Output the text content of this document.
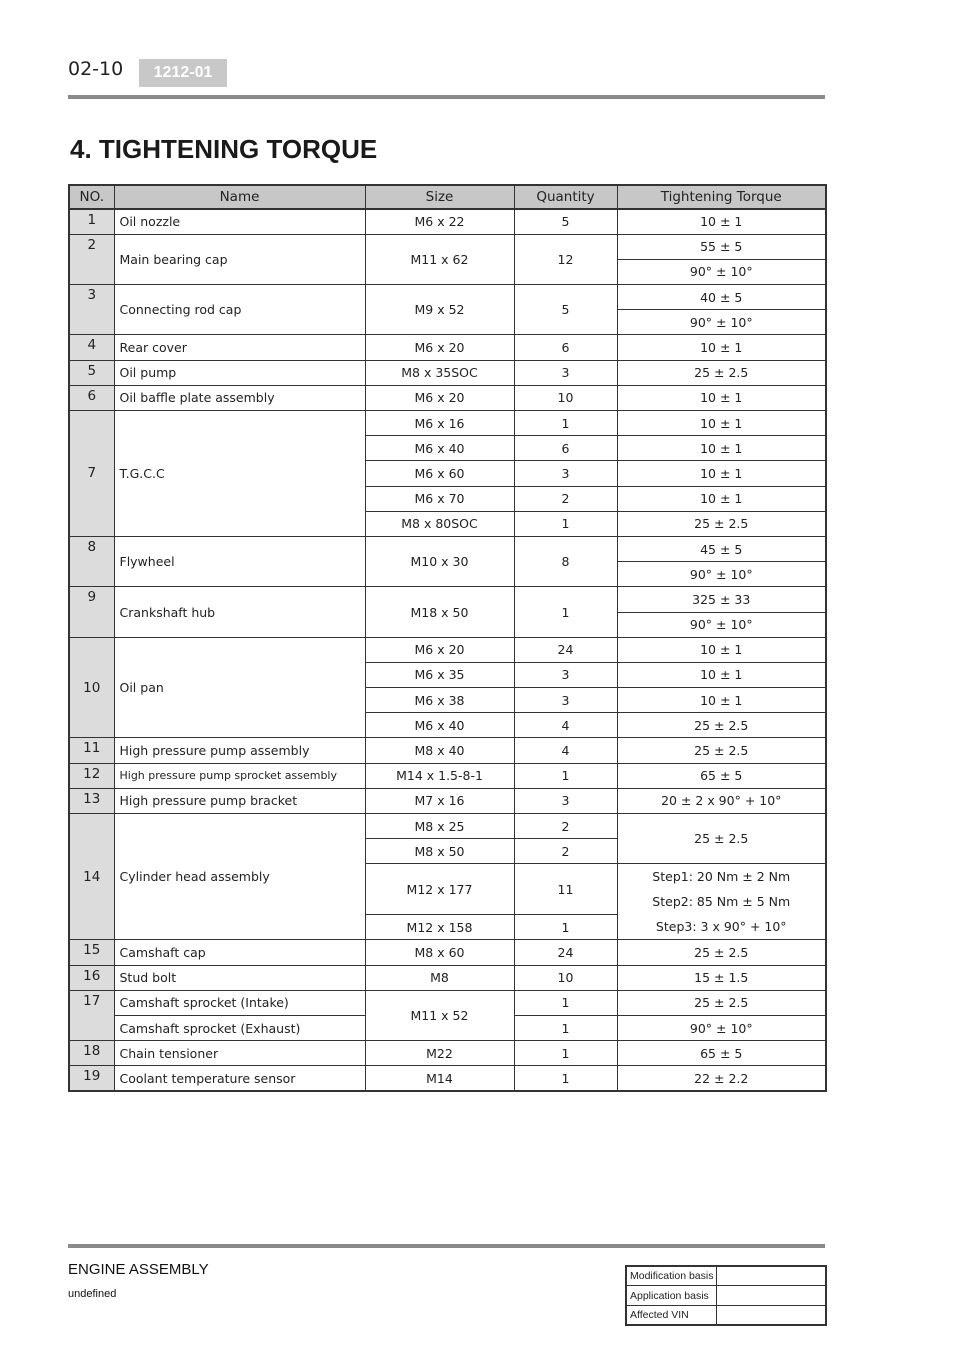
02-10	1212-01
4. TIGHTENING TORQUE
NO.	Name	Size	Quantity	Tightening Torque
1	Oil nozzle	M6 x 22	5	10 ± 1
2	Main bearing cap	M11 x 62	12	55 ± 5
				90° ± 10°
3	Connecting rod cap	M9 x 52	5	40 ± 5
				90° ± 10°
4	Rear cover	M6 x 20	6	10 ± 1
5	Oil pump	M8 x 35SOC	3	25 ± 2.5
6	Oil baffle plate assembly	M6 x 20	10	10 ± 1
7	T.G.C.C	M6 x 16	1	10 ± 1
		M6 x 40	6	10 ± 1
		M6 x 60	3	10 ± 1
		M6 x 70	2	10 ± 1
		M8 x 80SOC	1	25 ± 2.5
8	Flywheel	M10 x 30	8	45 ± 5
				90° ± 10°
9	Crankshaft hub	M18 x 50	1	325 ± 33
				90° ± 10°
10	Oil pan	M6 x 20	24	10 ± 1
		M6 x 35	3	10 ± 1
		M6 x 38	3	10 ± 1
		M6 x 40	4	25 ± 2.5
11	High pressure pump assembly	M8 x 40	4	25 ± 2.5
12	High pressure pump sprocket assembly	M14 x 1.5-8-1	1	65 ± 5
13	High pressure pump bracket	M7 x 16	3	20 ± 2 x 90° + 10°
14	Cylinder head assembly	M8 x 25	2	25 ± 2.5
		M8 x 50	2	
		M12 x 177	11	Step1: 20 Nm ± 2 Nm
Step2: 85 Nm ± 5 Nm
Step3: 3 x 90° + 10°

		M12 x 158	1	
15	Camshaft cap	M8 x 60	24	25 ± 2.5
16	Stud bolt	M8	10	15 ± 1.5
17	Camshaft sprocket (Intake)	M11 x 52	1	25 ± 2.5
	Camshaft sprocket (Exhaust)		1	90° ± 10°
18	Chain tensioner	M22	1	65 ± 5
19	Coolant temperature sensor	M14	1	22 ± 2.2
ENGINE ASSEMBLY
undefined
Modification basis	
Application basis	
Affected VIN	
